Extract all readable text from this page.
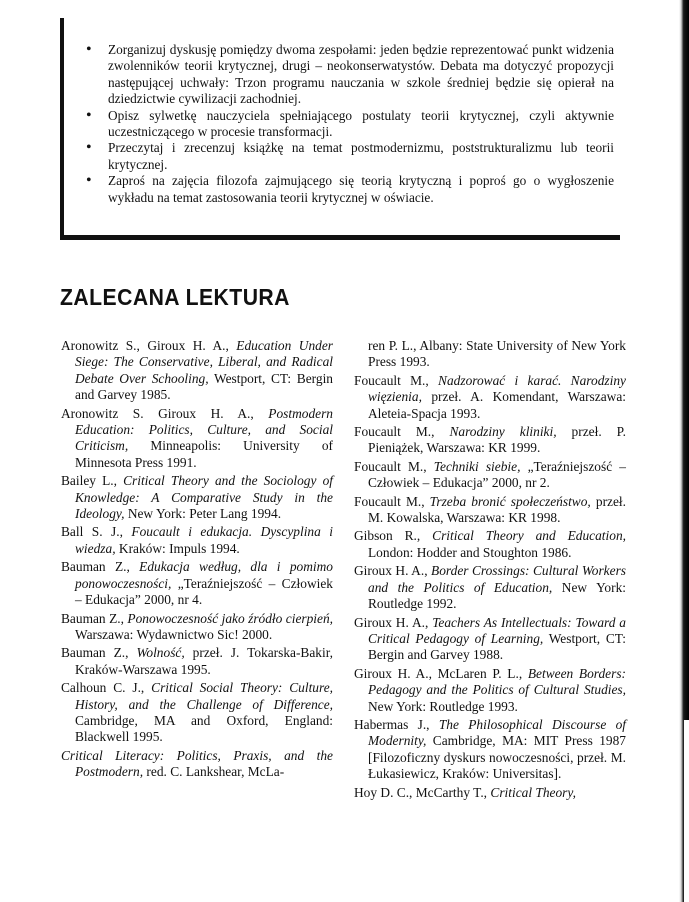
• Zorganizuj dyskusję pomiędzy dwoma zespołami: jeden będzie reprezentować punkt widzenia zwolenników teorii krytycznej, drugi – neokonserwatystów. Debata ma dotyczyć propozycji następującej uchwały: Trzon programu nauczania w szkole średniej będzie się opierał na dziedzictwie cywilizacji zachodniej.
• Opisz sylwetkę nauczyciela spełniającego postulaty teorii krytycznej, czyli aktywnie uczestniczącego w procesie transformacji.
• Przeczytaj i zrecenzuj książkę na temat postmodernizmu, poststrukturalizmu lub teorii krytycznej.
• Zaproś na zajęcia filozofa zajmującego się teorią krytyczną i poproś go o wygłoszenie wykładu na temat zastosowania teorii krytycznej w oświacie.
ZALECANA LEKTURA
Aronowitz S., Giroux H. A., Education Under Siege: The Conservative, Liberal, and Radical Debate Over Schooling, Westport, CT: Bergin and Garvey 1985.
Aronowitz S. Giroux H. A., Postmodern Education: Politics, Culture, and Social Criticism, Minneapolis: University of Minnesota Press 1991.
Bailey L., Critical Theory and the Sociology of Knowledge: A Comparative Study in the Ideology, New York: Peter Lang 1994.
Ball S. J., Foucault i edukacja. Dyscyplina i wiedza, Kraków: Impuls 1994.
Bauman Z., Edukacja według, dla i pomimo ponowoczesności, „Teraźniejszość – Człowiek – Edukacja” 2000, nr 4.
Bauman Z., Ponowoczesność jako źródło cierpień, Warszawa: Wydawnictwo Sic! 2000.
Bauman Z., Wolność, przeł. J. Tokarska-Bakir, Kraków-Warszawa 1995.
Calhoun C. J., Critical Social Theory: Culture, History, and the Challenge of Difference, Cambridge, MA and Oxford, England: Blackwell 1995.
Critical Literacy: Politics, Praxis, and the Postmodern, red. C. Lankshear, McLa-
ren P. L., Albany: State University of New York Press 1993.
Foucault M., Nadzorować i karać. Narodziny więzienia, przeł. A. Komendant, Warszawa: Aleteia-Spacja 1993.
Foucault M., Narodziny kliniki, przeł. P. Pieniążek, Warszawa: KR 1999.
Foucault M., Techniki siebie, „Teraźniejszość – Człowiek – Edukacja” 2000, nr 2.
Foucault M., Trzeba bronić społeczeństwo, przeł. M. Kowalska, Warszawa: KR 1998.
Gibson R., Critical Theory and Education, London: Hodder and Stoughton 1986.
Giroux H. A., Border Crossings: Cultural Workers and the Politics of Education, New York: Routledge 1992.
Giroux H. A., Teachers As Intellectuals: Toward a Critical Pedagogy of Learning, Westport, CT: Bergin and Garvey 1988.
Giroux H. A., McLaren P. L., Between Borders: Pedagogy and the Politics of Cultural Studies, New York: Routledge 1993.
Habermas J., The Philosophical Discourse of Modernity, Cambridge, MA: MIT Press 1987 [Filozoficzny dyskurs nowoczesności, przeł. M. Łukasiewicz, Kraków: Universitas].
Hoy D. C., McCarthy T., Critical Theory,
